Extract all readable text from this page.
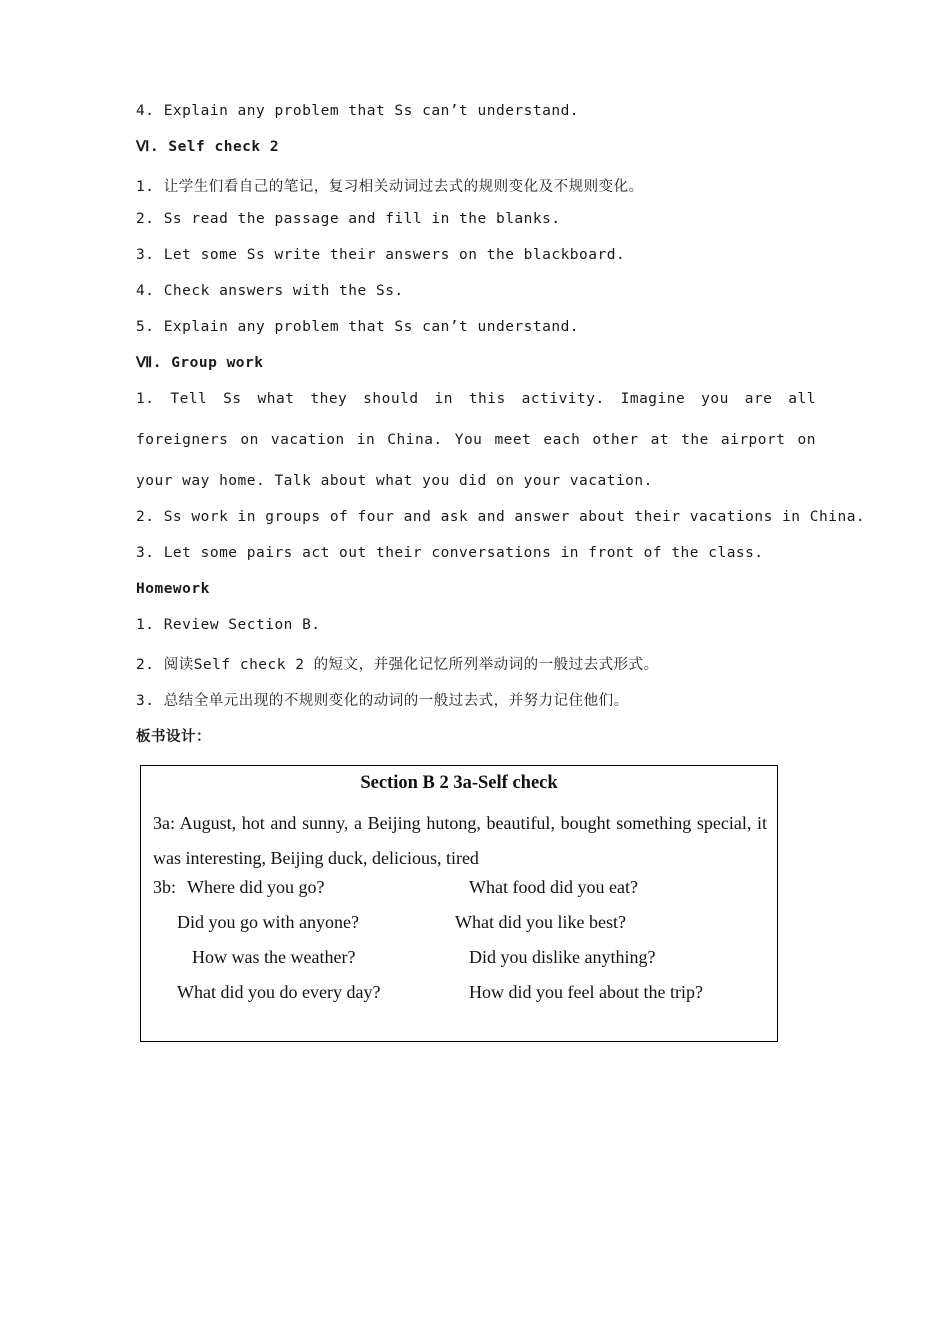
4. Explain any problem that Ss can’t understand.
Ⅵ. Self check 2
1. 让学生们看自己的笔记，复习相关动词过去式的规则变化及不规则变化。
2. Ss read the passage and fill in the blanks.
3. Let some Ss write their answers on the blackboard.
4. Check answers with the Ss.
5. Explain any problem that Ss can’t understand.
Ⅶ. Group work
1. Tell Ss what they should in this activity. Imagine you are all foreigners on vacation in China. You meet each other at the airport on your way home. Talk about what you did on your vacation.
2. Ss work in groups of four and ask and answer about their vacations in China.
3. Let some pairs act out their conversations in front of the class.
Homework
1. Review Section B.
2. 阅读Self check 2 的短文，并强化记忆所列举动词的一般过去式形式。
3. 总结全单元出现的不规则变化的动词的一般过去式，并努力记住他们。
板书设计：
Section B 2 3a-Self check
3a: August, hot and sunny, a Beijing hutong, beautiful, bought something special, it was interesting, Beijing duck, delicious, tired
3b: Where did you go?
Did you go with anyone?
How was the weather?
What did you do every day?
What food did you eat?
What did you like best?
Did you dislike anything?
How did you feel about the trip?
